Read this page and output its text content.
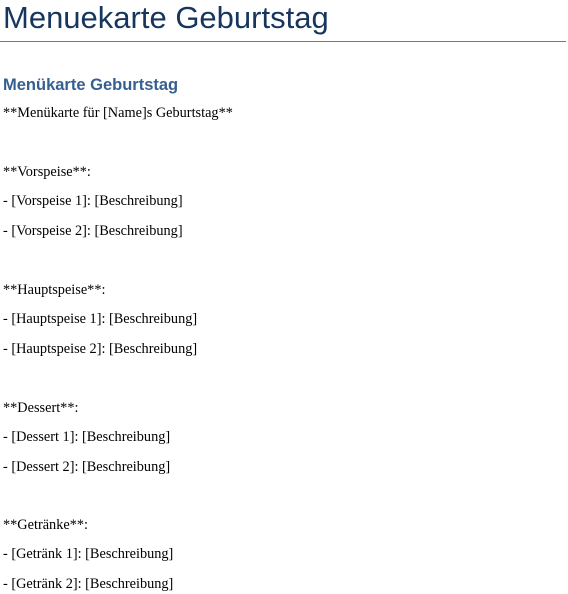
Menuekarte Geburtstag
Menükarte Geburtstag

**Menükarte für [Name]s Geburtstag**

**Vorspeise**:

- [Vorspeise 1]: [Beschreibung]

- [Vorspeise 2]: [Beschreibung]

**Hauptspeise**:

- [Hauptspeise 1]: [Beschreibung]

- [Hauptspeise 2]: [Beschreibung]

**Dessert**:

- [Dessert 1]: [Beschreibung]

- [Dessert 2]: [Beschreibung]

**Getränke**:

- [Getränk 1]: [Beschreibung]

- [Getränk 2]: [Beschreibung]
